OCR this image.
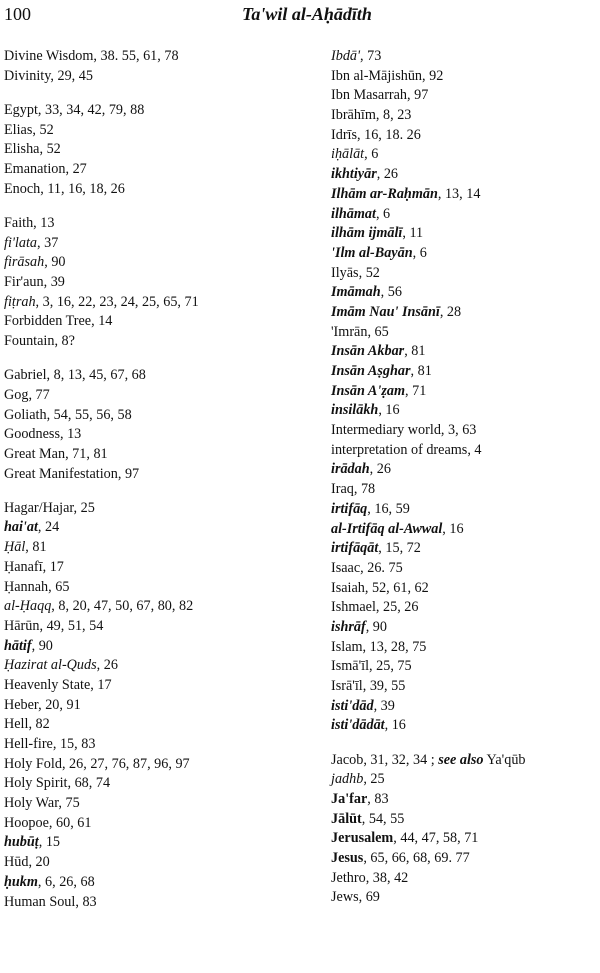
100	Ta'wil al-Aḥādīth
Divine Wisdom, 38. 55, 61, 78
Divinity, 29, 45
Egypt, 33, 34, 42, 79, 88
Elias, 52
Elisha, 52
Emanation, 27
Enoch, 11, 16, 18, 26
Faith, 13
fi'lata, 37
firāsah, 90
Fir'aun, 39
fiṭrah, 3, 16, 22, 23, 24, 25, 65, 71
Forbidden Tree, 14
Fountain, 8?
Gabriel, 8, 13, 45, 67, 68
Gog, 77
Goliath, 54, 55, 56, 58
Goodness, 13
Great Man, 71, 81
Great Manifestation, 97
Hagar/Hajar, 25
hai'at, 24
Ḥāl, 81
Ḥanafī, 17
Ḥannah, 65
al-Ḥaqq, 8, 20, 47, 50, 67, 80, 82
Hārūn, 49, 51, 54
hātif, 90
Ḥazirat al-Quds, 26
Heavenly State, 17
Heber, 20, 91
Hell, 82
Hell-fire, 15, 83
Holy Fold, 26, 27, 76, 87, 96, 97
Holy Spirit, 68, 74
Holy War, 75
Hoopoe, 60, 61
hubūṭ, 15
Hūd, 20
ḥukm, 6, 26, 68
Human Soul, 83
Ibdā', 73
Ibn al-Mājishūn, 92
Ibn Masarrah, 97
Ibrāhīm, 8, 23
Idrīs, 16, 18. 26
iḥālāt, 6
ikhtiyār, 26
Ilhām ar-Raḥmān, 13, 14
ilhāmat, 6
ilhām ijmālī, 11
'Ilm al-Bayān, 6
Ilyās, 52
Imāmah, 56
Imām Nau' Insānī, 28
'Imrān, 65
Insān Akbar, 81
Insān Aṣghar, 81
Insān A'ẓam, 71
insilākh, 16
Intermediary world, 3, 63
interpretation of dreams, 4
irādah, 26
Iraq, 78
irtifāq, 16, 59
al-Irtifāq al-Awwal, 16
irtifāqāt, 15, 72
Isaac, 26. 75
Isaiah, 52, 61, 62
Ishmael, 25, 26
ishrāf, 90
Islam, 13, 28, 75
Ismā'īl, 25, 75
Isrā'īl, 39, 55
isti'dād, 39
isti'dādāt, 16
Jacob, 31, 32, 34 ; see also Ya'qūb
jadhb, 25
Ja'far, 83
Jālūt, 54, 55
Jerusalem, 44, 47, 58, 71
Jesus, 65, 66, 68, 69. 77
Jethro, 38, 42
Jews, 69
